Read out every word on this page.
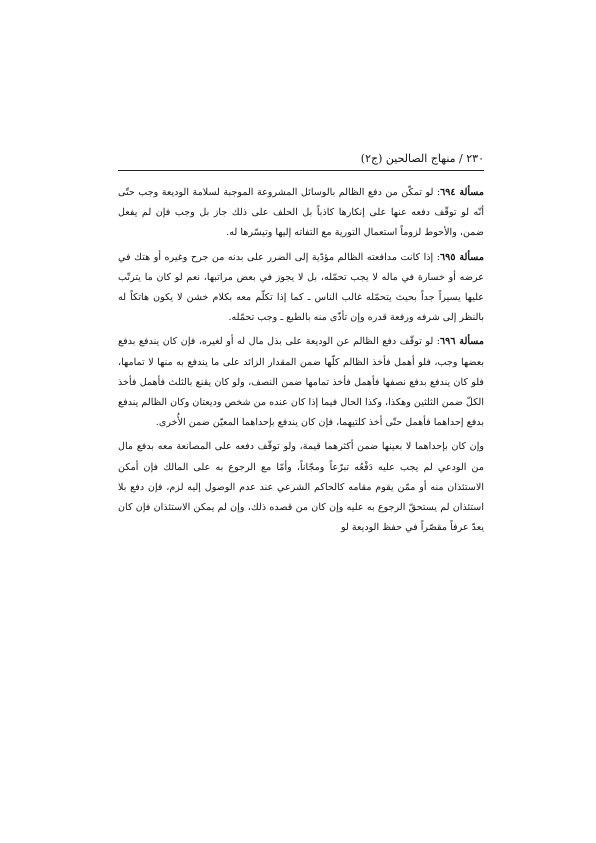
٢٣٠ / منهاج الصالحين (ج٢)

مسألة ٦٩٤: لو تمكّن من دفع الظالم بالوسائل المشروعة الموجبة لسلامة الوديعة وجب حتّى أنّه لو توقّف دفعه عنها على إنكارها كاذباً بل الحلف على ذلك جاز بل وجب فإن لم يفعل ضمن، والأحوط لزوماً استعمال التورية مع التفاته إليها وتيسّرها له.

مسألة ٦٩٥: إذا كانت مدافعته الظالم مؤدّية إلى الضرر على بدنه من جرح وغيره أو هتك في عرضه أو خسارة في ماله لا يجب تحمّله، بل لا يجوز في بعض مراتبها، نعم لو كان ما يترتّب عليها يسيراً جداً بحيث يتحمّله غالب الناس ـ كما إذا تكلّم معه بكلام خشن لا يكون هاتكاً له بالنظر إلى شرفه ورفعة قدره وإن تأذّى منه بالطبع ـ وجب تحمّله.

مسألة ٦٩٦: لو توقّف دفع الظالم عن الوديعة على بذل مال له أو لغيره، فإن كان يندفع بدفع بعضها وجب، فلو أهمل فأخذ الظالم كلّها ضمن المقدار الزائد على ما يندفع به منها لا تمامها، فلو كان يندفع بدفع نصفها فأهمل فأخذ تمامها ضمن النصف، ولو كان يقنع بالثلث فأهمل فأخذ الكلّ ضمن الثلثين وهكذا، وكذا الحال فيما إذا كان عنده من شخص وديعتان وكان الظالم يندفع بدفع إحداهما فأهمل حتّى أخذ كلتيهما، فإن كان يندفع بإحداهما المعيّن ضمن الأُخرى.

وإن كان بإحداهما لا بعينها ضمن أكثرهما قيمة، ولو توقّف دفعه على المصانعة معه بدفع مال من الودعي لم يجب عليه دَفْعُه تبرّعاً ومجّاناً، وأمّا مع الرجوع به على المالك فإن أمكن الاستئذان منه أو ممّن يقوم مقامه كالحاكم الشرعي عند عدم الوصول إليه لزم، فإن دفع بلا استئذان لم يستحقّ الرجوع به عليه وإن كان من قصده ذلك، وإن لم يمكن الاستئذان فإن كان يعدّ عرفاً مقصّراً في حفظ الوديعة لو
